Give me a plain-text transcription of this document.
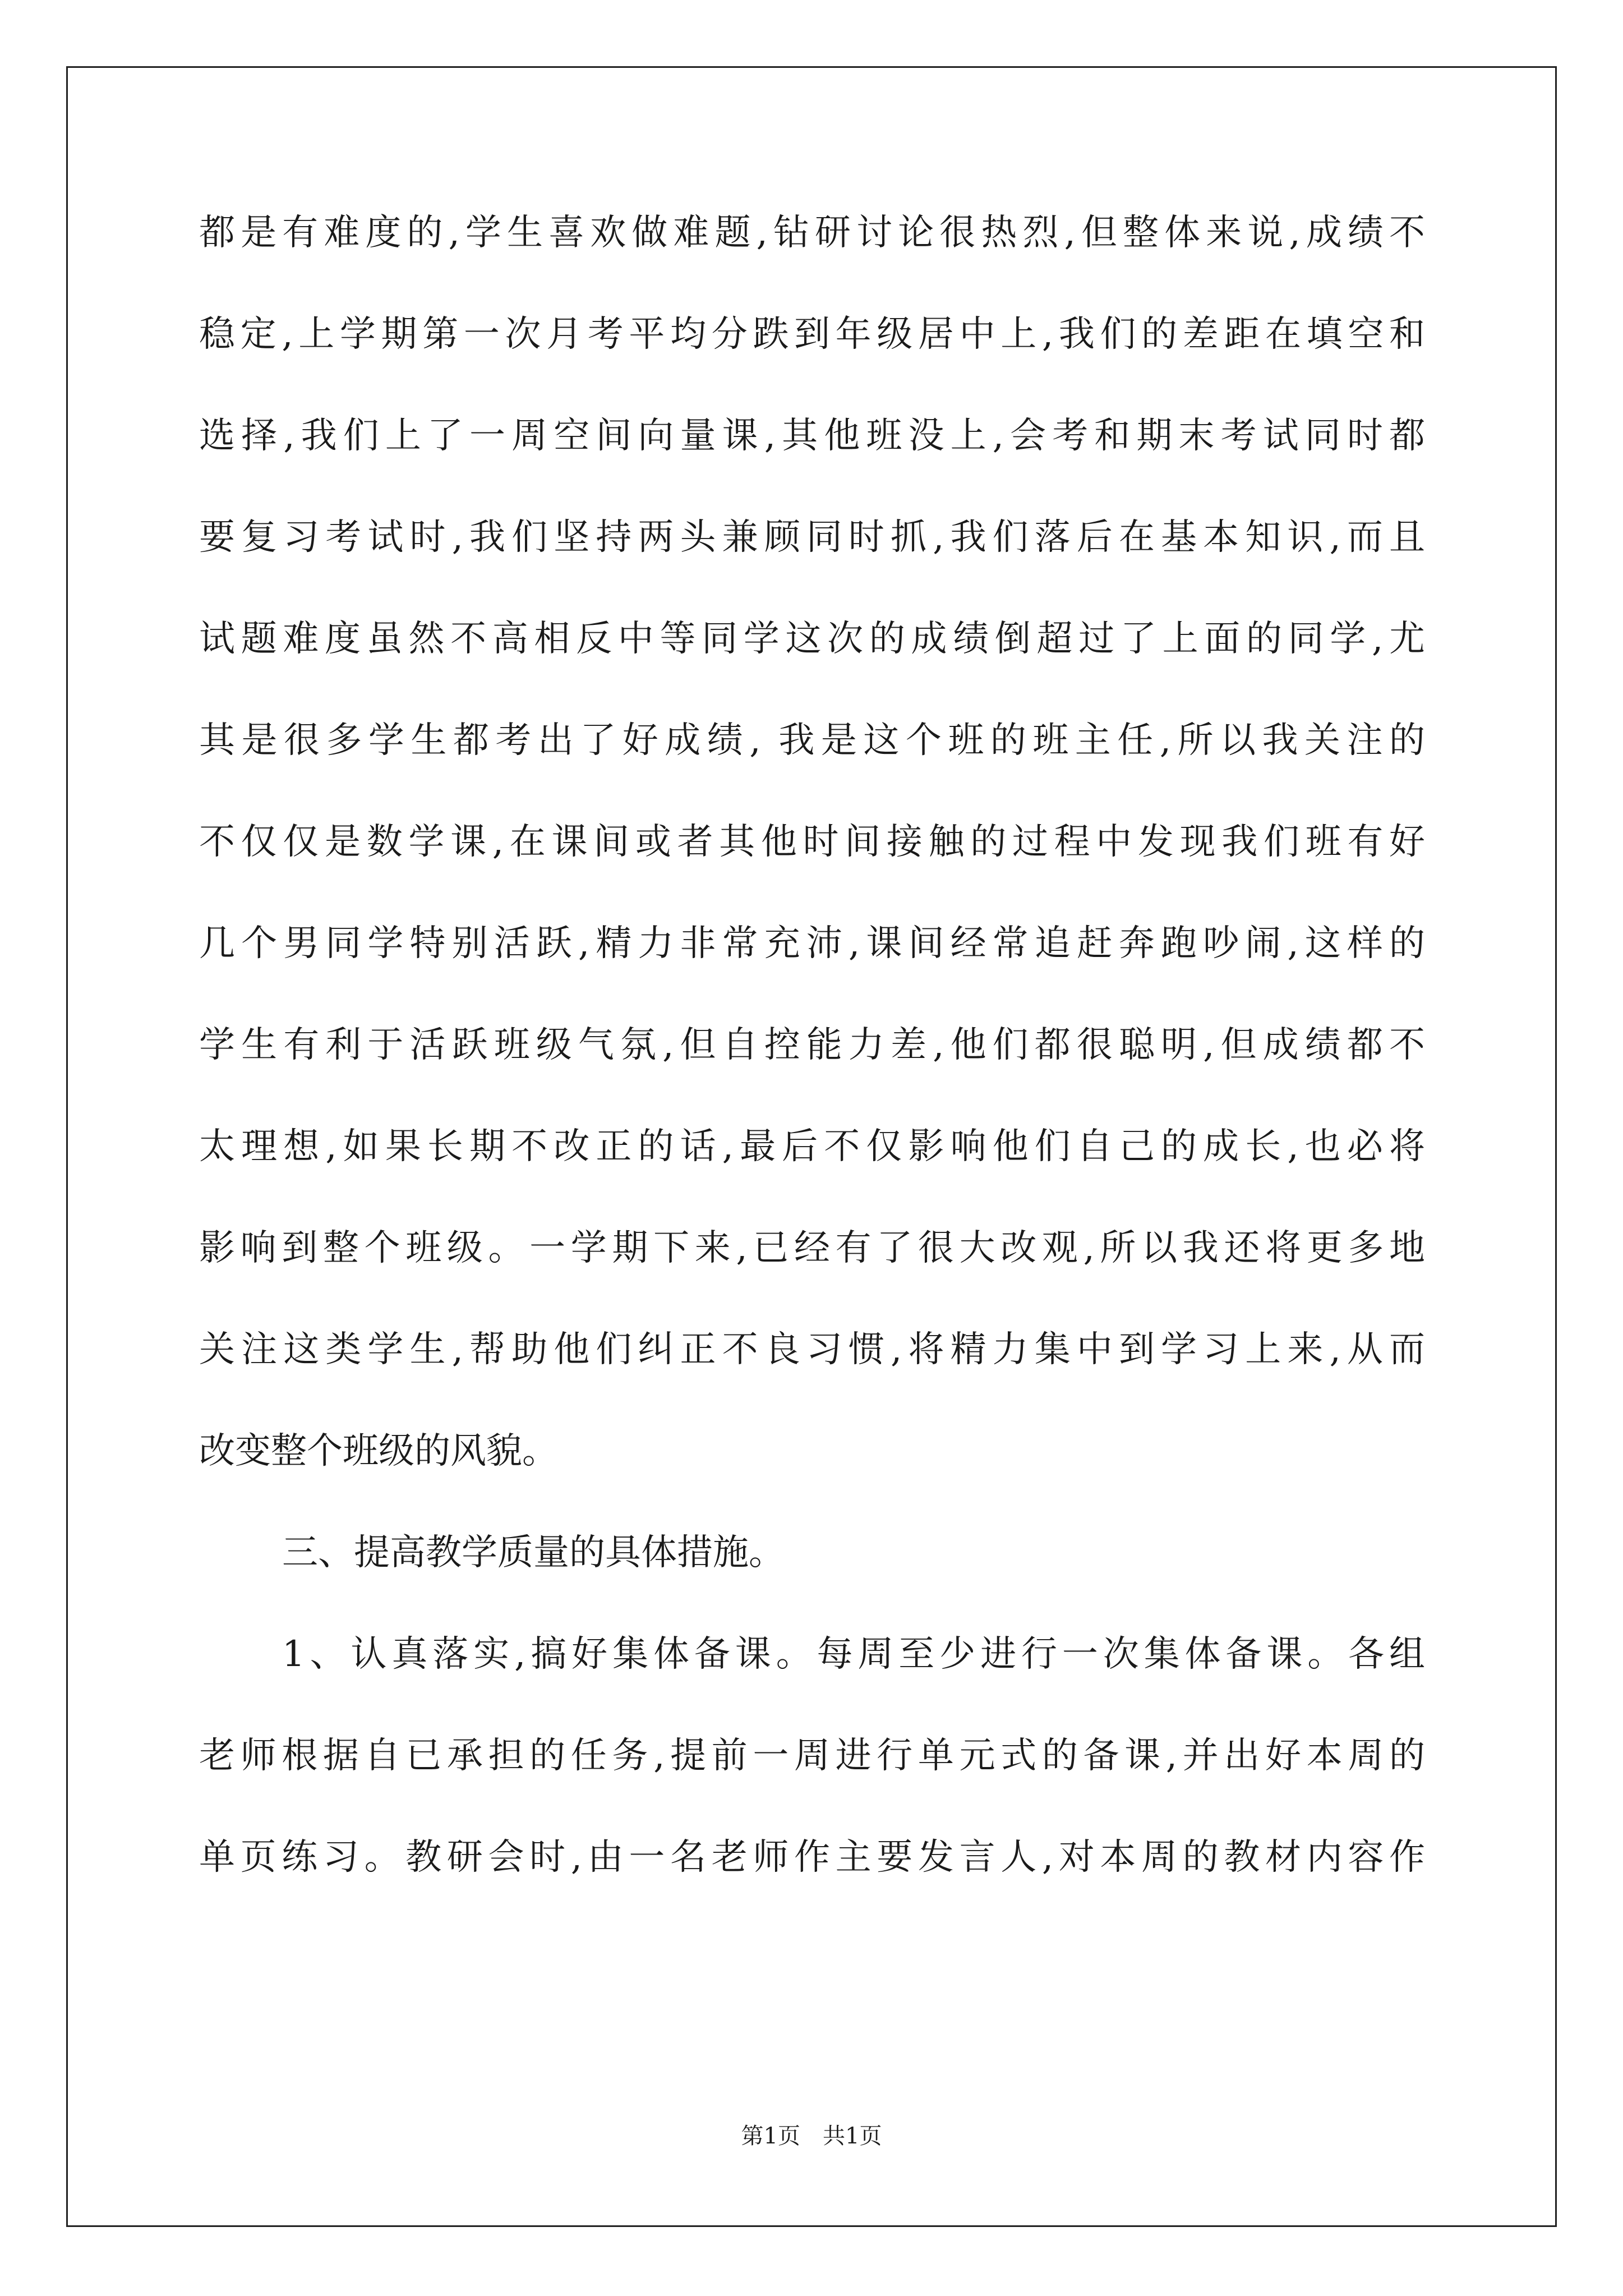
都是有难度的,学生喜欢做难题,钻研讨论很热烈,但整体来说,成绩不
稳定,上学期第一次月考平均分跌到年级居中上,我们的差距在填空和
选择,我们上了一周空间向量课,其他班没上,会考和期末考试同时都
要复习考试时,我们坚持两头兼顾同时抓,我们落后在基本知识,而且
试题难度虽然不高相反中等同学这次的成绩倒超过了上面的同学,尤
其是很多学生都考出了好成绩, 我是这个班的班主任,所以我关注的
不仅仅是数学课,在课间或者其他时间接触的过程中发现我们班有好
几个男同学特别活跃,精力非常充沛,课间经常追赶奔跑吵闹,这样的
学生有利于活跃班级气氛,但自控能力差,他们都很聪明,但成绩都不
太理想,如果长期不改正的话,最后不仅影响他们自己的成长,也必将
影响到整个班级。一学期下来,已经有了很大改观,所以我还将更多地
关注这类学生,帮助他们纠正不良习惯,将精力集中到学习上来,从而
改变整个班级的风貌。
三、提高教学质量的具体措施。
1、认真落实,搞好集体备课。每周至少进行一次集体备课。各组
老师根据自已承担的任务,提前一周进行单元式的备课,并出好本周的
单页练习。教研会时,由一名老师作主要发言人,对本周的教材内容作
第1页　共1页
